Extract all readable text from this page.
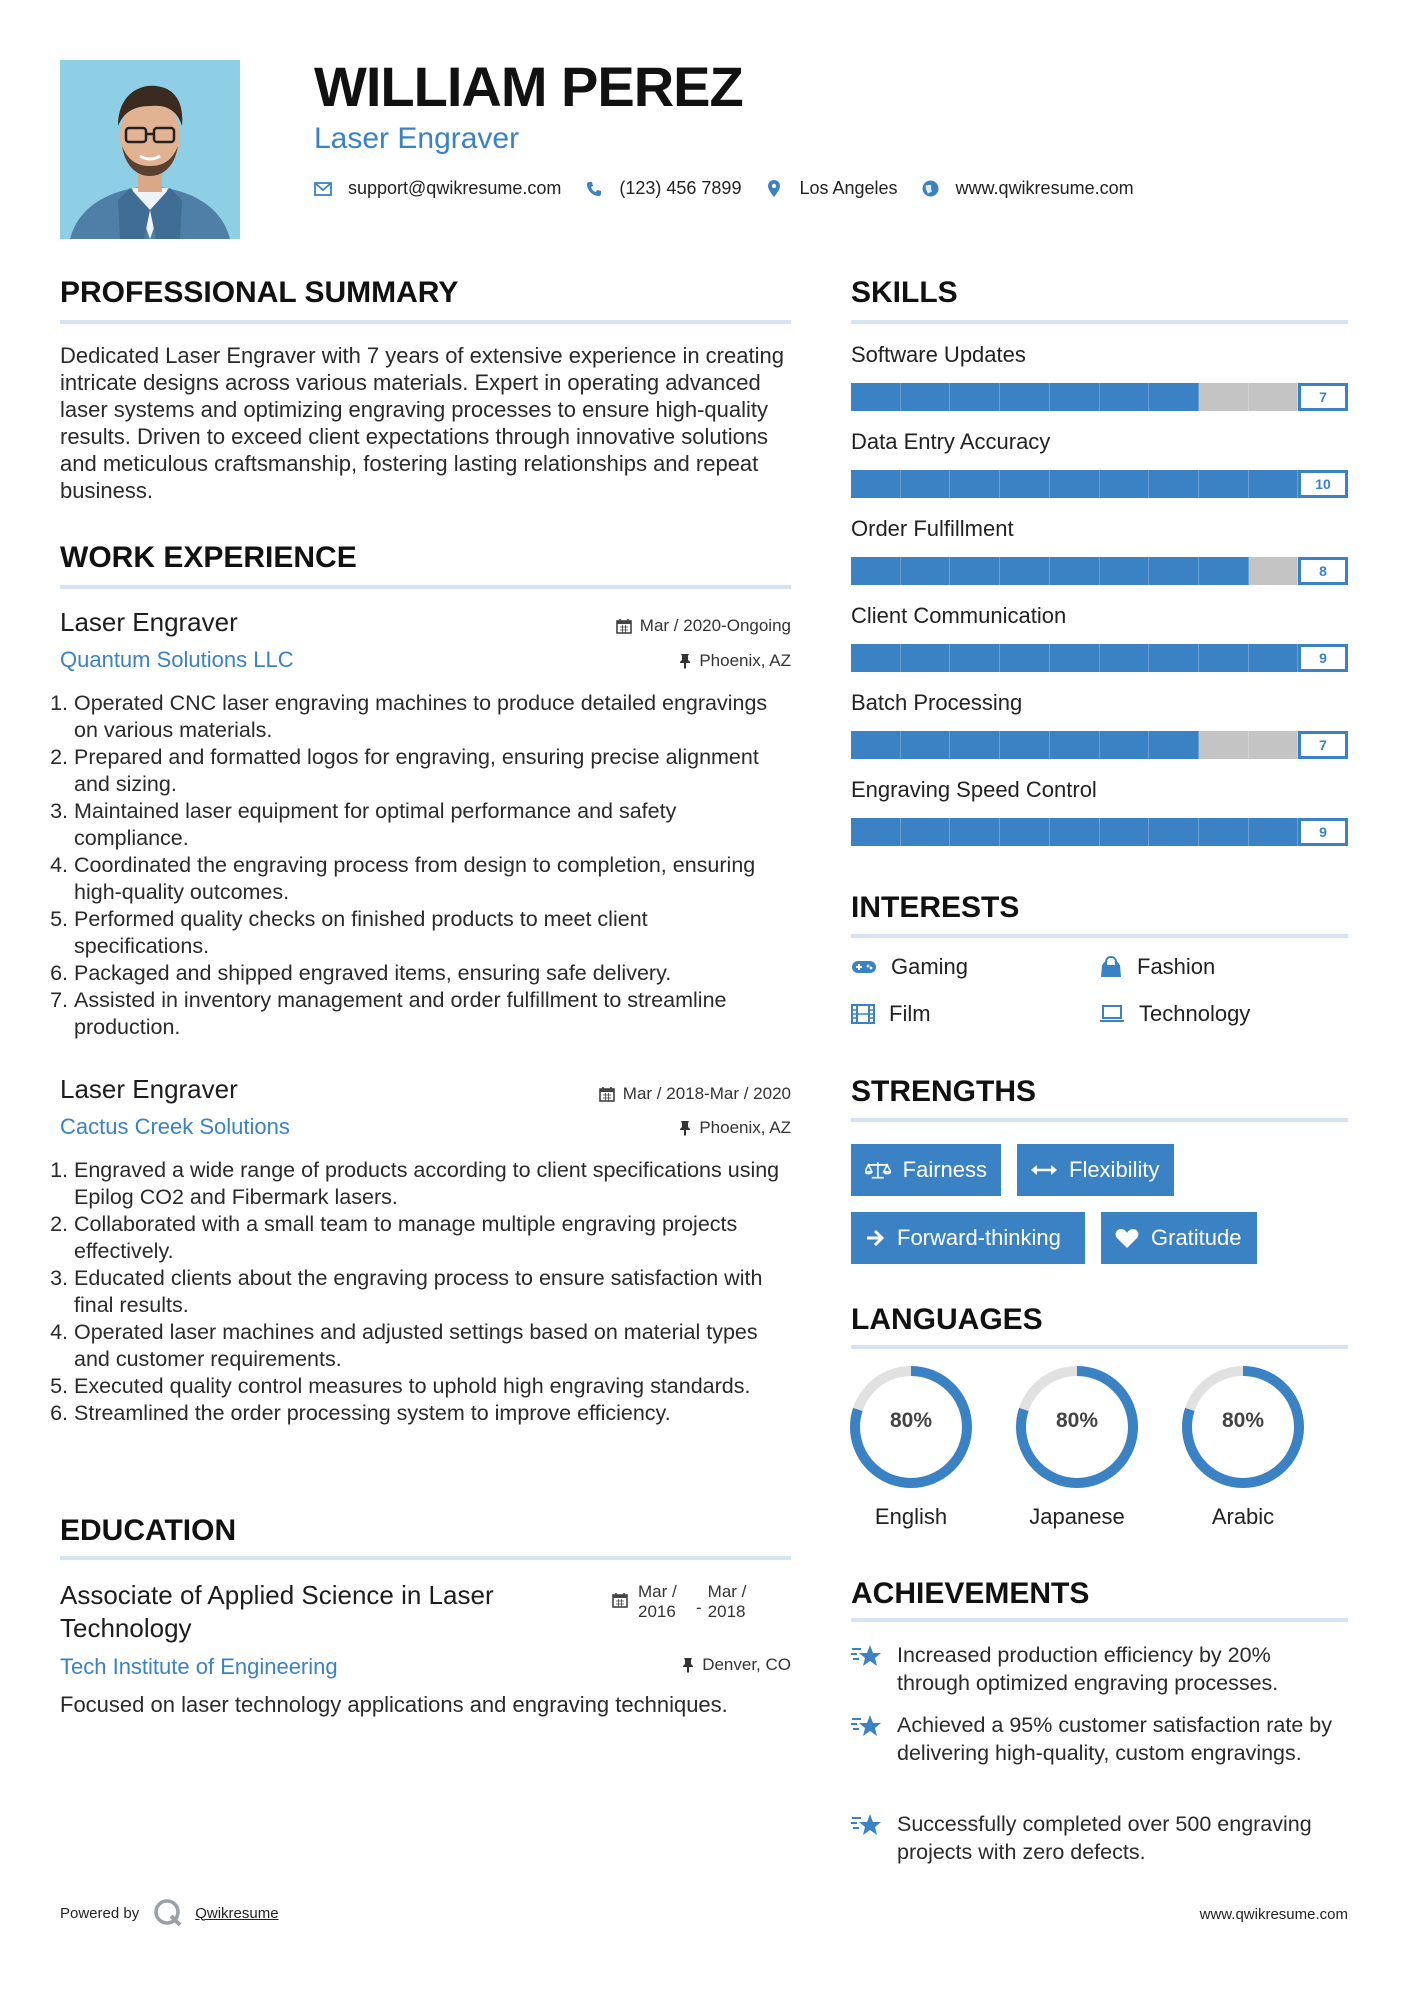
WILLIAM PEREZ
Laser Engraver
support@qwikresume.com	(123) 456 7899	Los Angeles	www.qwikresume.com
PROFESSIONAL SUMMARY
Dedicated Laser Engraver with 7 years of extensive experience in creating intricate designs across various materials. Expert in operating advanced laser systems and optimizing engraving processes to ensure high-quality results. Driven to exceed client expectations through innovative solutions and meticulous craftsmanship, fostering lasting relationships and repeat business.
WORK EXPERIENCE
Laser Engraver	Mar / 2020-Ongoing
Quantum Solutions LLC	Phoenix, AZ
1. Operated CNC laser engraving machines to produce detailed engravings on various materials.
2. Prepared and formatted logos for engraving, ensuring precise alignment and sizing.
3. Maintained laser equipment for optimal performance and safety compliance.
4. Coordinated the engraving process from design to completion, ensuring high-quality outcomes.
5. Performed quality checks on finished products to meet client specifications.
6. Packaged and shipped engraved items, ensuring safe delivery.
7. Assisted in inventory management and order fulfillment to streamline production.
Laser Engraver	Mar / 2018-Mar / 2020
Cactus Creek Solutions	Phoenix, AZ
1. Engraved a wide range of products according to client specifications using Epilog CO2 and Fibermark lasers.
2. Collaborated with a small team to manage multiple engraving projects effectively.
3. Educated clients about the engraving process to ensure satisfaction with final results.
4. Operated laser machines and adjusted settings based on material types and customer requirements.
5. Executed quality control measures to uphold high engraving standards.
6. Streamlined the order processing system to improve efficiency.
EDUCATION
Associate of Applied Science in Laser Technology
Mar / 2016	-
Mar / 2018
Tech Institute of Engineering	Denver, CO
Focused on laser technology applications and engraving techniques.
SKILLS
Software Updates
7
Data Entry Accuracy
10
Order Fulfillment
8
Client Communication
9
Batch Processing
7
Engraving Speed Control
9
INTERESTS
Gaming	Fashion
Film	Technology
STRENGTHS
Fairness	Flexibility
Forward-thinking	Gratitude
LANGUAGES
80%
English
80%
Japanese
80%
Arabic
ACHIEVEMENTS
Increased production efficiency by 20% through optimized engraving processes.
Achieved a 95% customer satisfaction rate by delivering high-quality, custom engravings.
Successfully completed over 500 engraving projects with zero defects.
Powered by	Qwikresume	www.qwikresume.com
